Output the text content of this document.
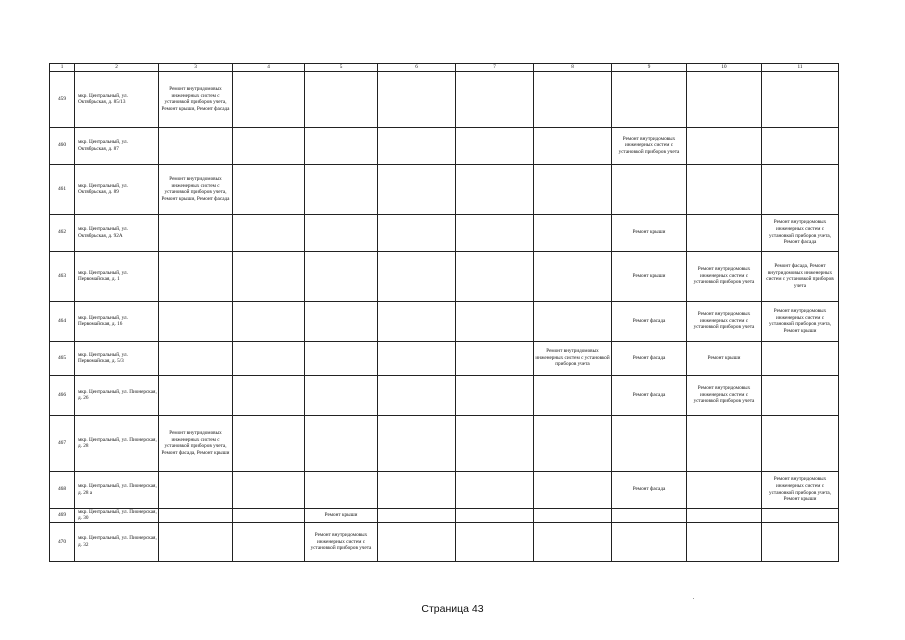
1	2	3	4	5	6	7	8	9	10	11
459	мкр. Центральный, ул. Октябрьская, д. 85/13	Ремонт внутридомовых инженерных систем с установкой приборов учета, Ремонт крыши, Ремонт фасада								
460	мкр. Центральный, ул. Октябрьская, д. 87							Ремонт внутридомовых инженерных систем с установкой приборов учета		
461	мкр. Центральный, ул. Октябрьская, д. 89	Ремонт внутридомовых инженерных систем с установкой приборов учета, Ремонт крыши, Ремонт фасада								
462	мкр. Центральный, ул. Октябрьская, д. 92А							Ремонт крыши		Ремонт внутридомовых инженерных систем с установкой приборов учета, Ремонт фасада
463	мкр. Центральный, ул. Первомайская, д. 1							Ремонт крыши	Ремонт внутридомовых инженерных систем с установкой приборов учета	Ремонт фасада, Ремонт внутридомовых инженерных систем с установкой приборов учета
464	мкр. Центральный, ул. Первомайская, д. 16							Ремонт фасада	Ремонт внутридомовых инженерных систем с установкой приборов учета	Ремонт внутридомовых инженерных систем с установкой приборов учета, Ремонт крыши
465	мкр. Центральный, ул. Первомайская, д. 5/3						Ремонт внутридомовых инженерных систем с установкой приборов учета	Ремонт фасада	Ремонт крыши	
466	мкр. Центральный, ул. Пионерская, д. 26							Ремонт фасада	Ремонт внутридомовых инженерных систем с установкой приборов учета	
467	мкр. Центральный, ул. Пионерская, д. 28	Ремонт внутридомовых инженерных систем с установкой приборов учета, Ремонт фасада, Ремонт крыши								
468	мкр. Центральный, ул. Пионерская, д. 28 а							Ремонт фасада		Ремонт внутридомовых инженерных систем с установкой приборов учета, Ремонт крыши
469	мкр. Центральный, ул. Пионерская, д. 30			Ремонт крыши						
470	мкр. Центральный, ул. Пионерская, д. 32			Ремонт внутридомовых инженерных систем с установкой приборов учета						
Страница 43
